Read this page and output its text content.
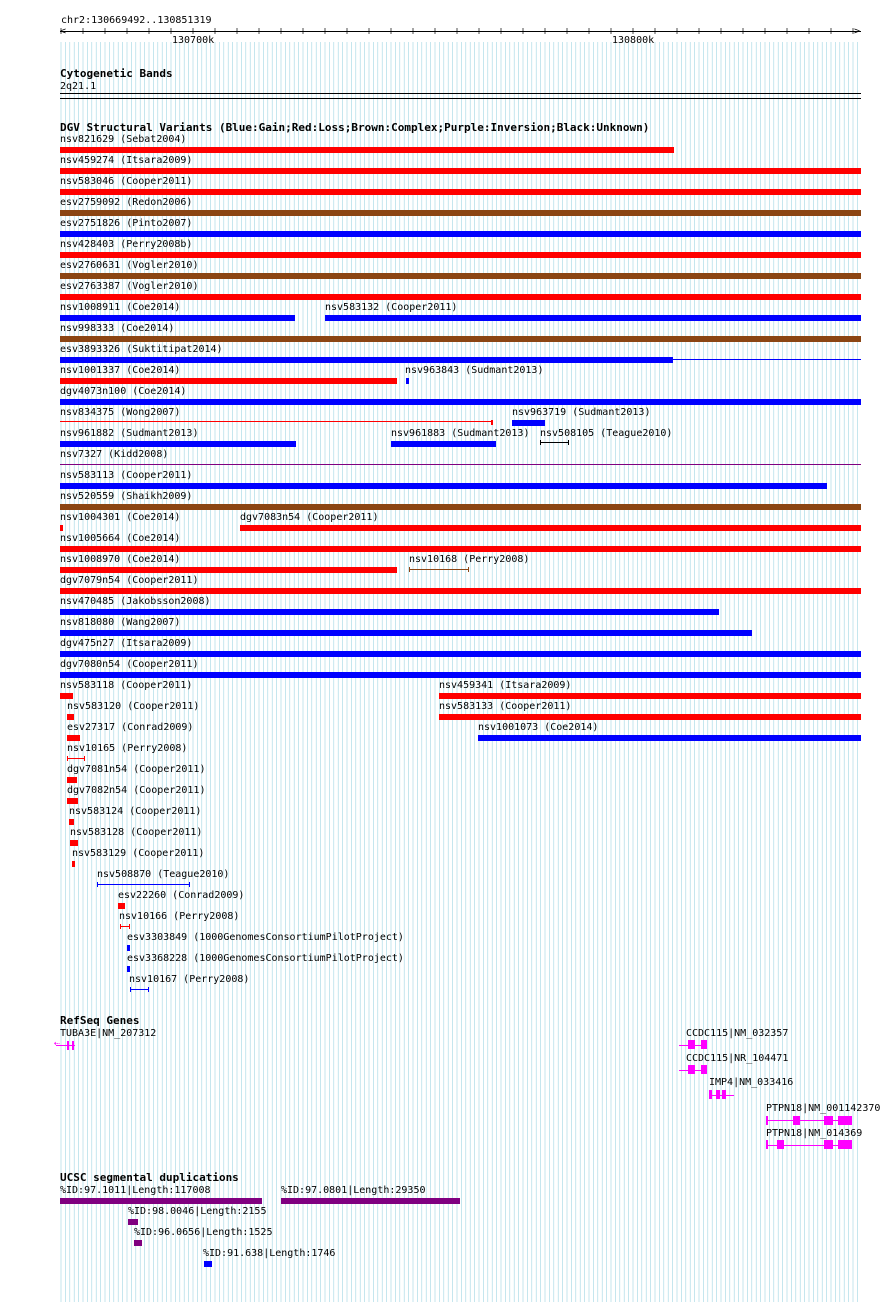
chr2:130669492..130851319
<	>
130700k	130800k
Cytogenetic Bands
2q21.1
DGV Structural Variants (Blue:Gain;Red:Loss;Brown:Complex;Purple:Inversion;Black:Unknown)
RefSeq Genes
UCSC segmental duplications
nsv821629 (Sebat2004)
nsv459274 (Itsara2009)
nsv583046 (Cooper2011)
esv2759092 (Redon2006)
esv2751826 (Pinto2007)
nsv428403 (Perry2008b)
esv2760631 (Vogler2010)
esv2763387 (Vogler2010)
nsv1008911 (Coe2014)	nsv583132 (Cooper2011)
nsv998333 (Coe2014)
esv3893326 (Suktitipat2014)
nsv1001337 (Coe2014)	nsv963843 (Sudmant2013)
dgv4073n100 (Coe2014)
nsv834375 (Wong2007)	nsv963719 (Sudmant2013)
nsv961882 (Sudmant2013)	nsv961883 (Sudmant2013) nsv508105 (Teague2010)
nsv7327 (Kidd2008)
nsv583113 (Cooper2011)
nsv520559 (Shaikh2009)
nsv1004301 (Coe2014)	dgv7083n54 (Cooper2011)
nsv1005664 (Coe2014)
nsv1008970 (Coe2014)	nsv10168 (Perry2008)
dgv7079n54 (Cooper2011)
nsv470485 (Jakobsson2008)
nsv818080 (Wang2007)
dgv475n27 (Itsara2009)
dgv7080n54 (Cooper2011)
nsv583118 (Cooper2011)	nsv459341 (Itsara2009)
nsv583120 (Cooper2011)	nsv583133 (Cooper2011)
esv27317 (Conrad2009)	nsv1001073 (Coe2014)
nsv10165 (Perry2008)
dgv7081n54 (Cooper2011)
dgv7082n54 (Cooper2011)
nsv583124 (Cooper2011)
nsv583128 (Cooper2011)
nsv583129 (Cooper2011)
nsv508870 (Teague2010)
esv22260 (Conrad2009)
nsv10166 (Perry2008)
esv3303849 (1000GenomesConsortiumPilotProject)
esv3368228 (1000GenomesConsortiumPilotProject)
nsv10167 (Perry2008)
TUBA3E|NM_207312
⇠
CCDC115|NM_032357
CCDC115|NR_104471
IMP4|NM_033416
PTPN18|NM_001142370
PTPN18|NM_014369
%ID:97.1011|Length:117008	%ID:97.0801|Length:29350
%ID:98.0046|Length:2155
%ID:96.0656|Length:1525
%ID:91.638|Length:1746
